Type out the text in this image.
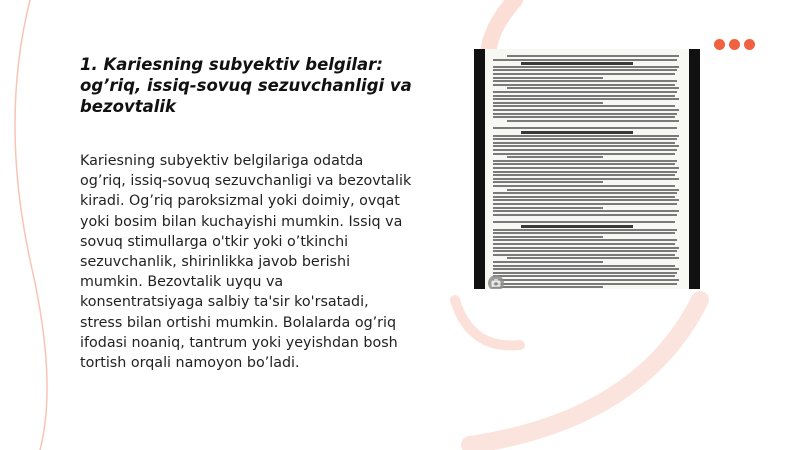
1. Kariesning subyektiv belgilar:
og’riq, issiq-sovuq sezuvchanligi va
bezovtalik

Kariesning subyektiv belgilariga odatda
og’riq, issiq-sovuq sezuvchanligi va bezovtalik
kiradi. Og’riq paroksizmal yoki doimiy, ovqat
yoki bosim bilan kuchayishi mumkin. Issiq va
sovuq stimullarga o'tkir yoki o’tkinchi
sezuvchanlik, shirinlikka javob berishi
mumkin. Bezovtalik uyqu va
konsentratsiyaga salbiy ta'sir ko'rsatadi,
stress bilan ortishi mumkin. Bolalarda og’riq
ifodasi noaniq, tantrum yoki yeyishdan bosh
tortish orqali namoyon bo’ladi.
